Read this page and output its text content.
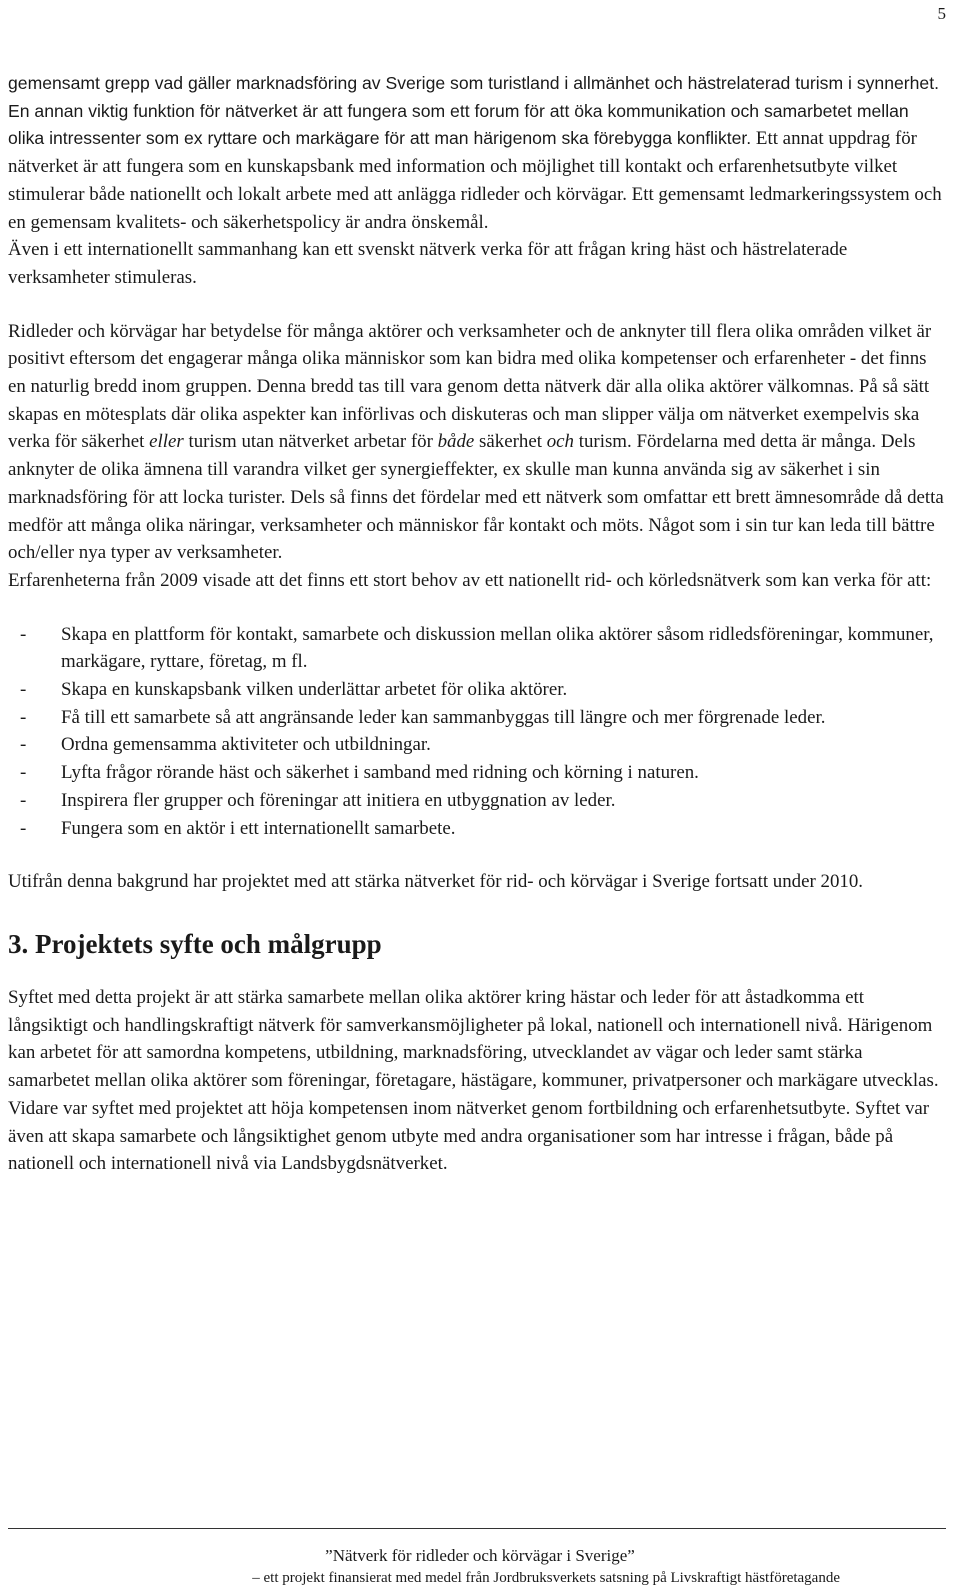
5

gemensamt grepp vad gäller marknadsföring av Sverige som turistland i allmänhet och hästrelaterad turism i synnerhet. En annan viktig funktion för nätverket är att fungera som ett forum för att öka kommunikation och samarbetet mellan olika intressenter som ex ryttare och markägare för att man härigenom ska förebygga konflikter. Ett annat uppdrag för nätverket är att fungera som en kunskapsbank med information och möjlighet till kontakt och erfarenhetsutbyte vilket stimulerar både nationellt och lokalt arbete med att anlägga ridleder och körvägar. Ett gemensamt ledmarkeringssystem och en gemensam kvalitets- och säkerhetspolicy är andra önskemål.

Även i ett internationellt sammanhang kan ett svenskt nätverk verka för att frågan kring häst och hästrelaterade verksamheter stimuleras.

Ridleder och körvägar har betydelse för många aktörer och verksamheter och de anknyter till flera olika områden vilket är positivt eftersom det engagerar många olika människor som kan bidra med olika kompetenser och erfarenheter - det finns en naturlig bredd inom gruppen. Denna bredd tas till vara genom detta nätverk där alla olika aktörer välkomnas. På så sätt skapas en mötesplats där olika aspekter kan införlivas och diskuteras och man slipper välja om nätverket exempelvis ska verka för säkerhet eller turism utan nätverket arbetar för både säkerhet och turism. Fördelarna med detta är många. Dels anknyter de olika ämnena till varandra vilket ger synergieffekter, ex skulle man kunna använda sig av säkerhet i sin marknadsföring för att locka turister. Dels så finns det fördelar med ett nätverk som omfattar ett brett ämnesområde då detta medför att många olika näringar, verksamheter och människor får kontakt och möts. Något som i sin tur kan leda till bättre och/eller nya typer av verksamheter.

Erfarenheterna från 2009 visade att det finns ett stort behov av ett nationellt rid- och körledsnätverk som kan verka för att:

- Skapa en plattform för kontakt, samarbete och diskussion mellan olika aktörer såsom ridledsföreningar, kommuner, markägare, ryttare, företag, m fl.
- Skapa en kunskapsbank vilken underlättar arbetet för olika aktörer.
- Få till ett samarbete så att angränsande leder kan sammanbyggas till längre och mer förgrenade leder.
- Ordna gemensamma aktiviteter och utbildningar.
- Lyfta frågor rörande häst och säkerhet i samband med ridning och körning i naturen.
- Inspirera fler grupper och föreningar att initiera en utbyggnation av leder.
- Fungera som en aktör i ett internationellt samarbete.

Utifrån denna bakgrund har projektet med att stärka nätverket för rid- och körvägar i Sverige fortsatt under 2010.

3. Projektets syfte och målgrupp

Syftet med detta projekt är att stärka samarbete mellan olika aktörer kring hästar och leder för att åstadkomma ett långsiktigt och handlingskraftigt nätverk för samverkansmöjligheter på lokal, nationell och internationell nivå. Härigenom kan arbetet för att samordna kompetens, utbildning, marknadsföring, utvecklandet av vägar och leder samt stärka samarbetet mellan olika aktörer som föreningar, företagare, hästägare, kommuner, privatpersoner och markägare utvecklas.

Vidare var syftet med projektet att höja kompetensen inom nätverket genom fortbildning och erfarenhetsutbyte. Syftet var även att skapa samarbete och långsiktighet genom utbyte med andra organisationer som har intresse i frågan, både på nationell och internationell nivå via Landsbygdsnätverket.

”Nätverk för ridleder och körvägar i Sverige”
– ett projekt finansierat med medel från Jordbruksverkets satsning på Livskraftigt hästföretagande
